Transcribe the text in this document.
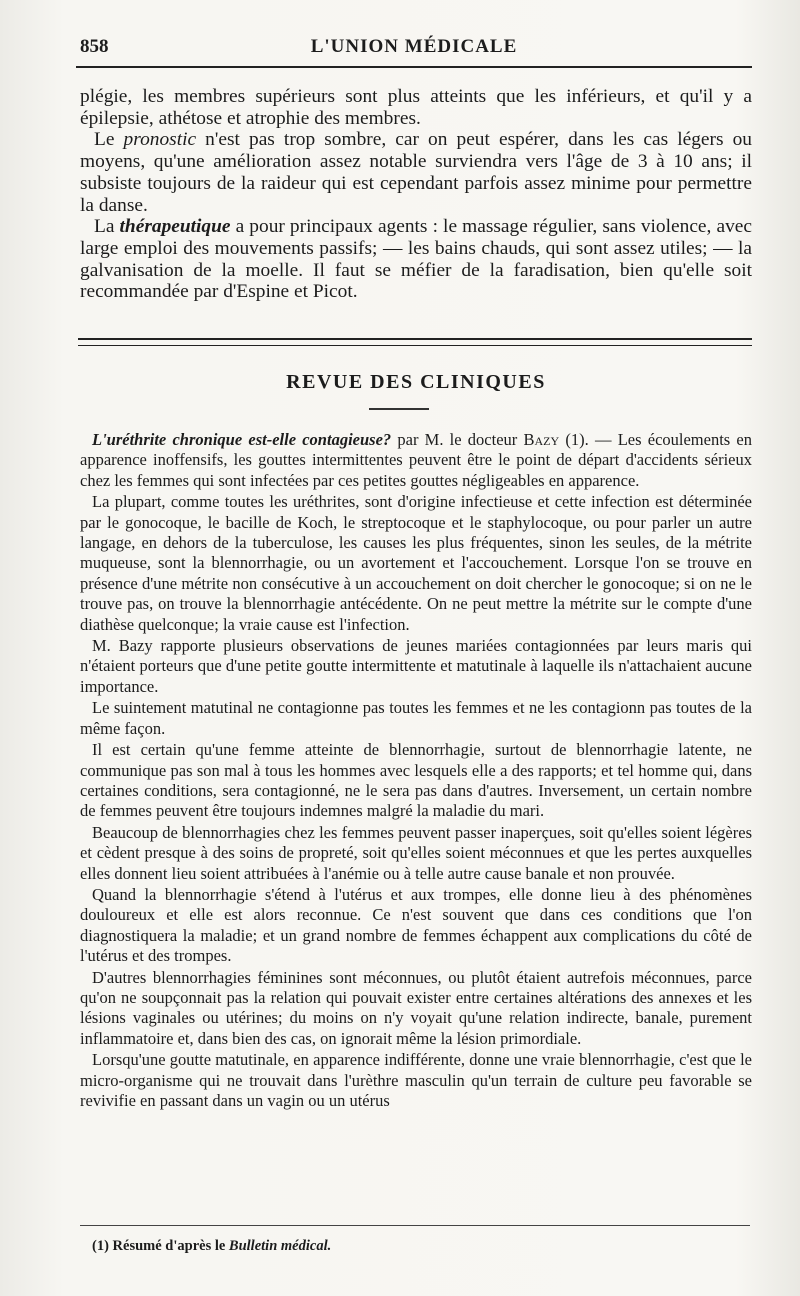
858	L'UNION MÉDICALE

plégie, les membres supérieurs sont plus atteints que les inférieurs, et qu'il y a épilepsie, athétose et atrophie des membres.

Le pronostic n'est pas trop sombre, car on peut espérer, dans les cas légers ou moyens, qu'une amélioration assez notable surviendra vers l'âge de 3 à 10 ans; il subsiste toujours de la raideur qui est cependant parfois assez minime pour permettre la danse.

La thérapeutique a pour principaux agents : le massage régulier, sans violence, avec large emploi des mouvements passifs; — les bains chauds, qui sont assez utiles; — la galvanisation de la moelle. Il faut se méfier de la faradisation, bien qu'elle soit recommandée par d'Espine et Picot.

REVUE DES CLINIQUES

L'uréthrite chronique est-elle contagieuse? par M. le docteur Bazy (1). — Les écoulements en apparence inoffensifs, les gouttes intermittentes peuvent être le point de départ d'accidents sérieux chez les femmes qui sont infectées par ces petites gouttes négligeables en apparence.

La plupart, comme toutes les uréthrites, sont d'origine infectieuse et cette infection est déterminée par le gonocoque, le bacille de Koch, le streptocoque et le staphylocoque, ou pour parler un autre langage, en dehors de la tuberculose, les causes les plus fréquentes, sinon les seules, de la métrite muqueuse, sont la blennorrhagie, ou un avortement et l'accouchement. Lorsque l'on se trouve en présence d'une métrite non consécutive à un accouchement on doit chercher le gonocoque; si on ne le trouve pas, on trouve la blennorrhagie antécédente. On ne peut mettre la métrite sur le compte d'une diathèse quelconque; la vraie cause est l'infection.

M. Bazy rapporte plusieurs observations de jeunes mariées contagionnées par leurs maris qui n'étaient porteurs que d'une petite goutte intermittente et matutinale à laquelle ils n'attachaient aucune importance.

Le suintement matutinal ne contagionne pas toutes les femmes et ne les contagionn pas toutes de la même façon.

Il est certain qu'une femme atteinte de blennorrhagie, surtout de blennorrhagie latente, ne communique pas son mal à tous les hommes avec lesquels elle a des rapports; et tel homme qui, dans certaines conditions, sera contagionné, ne le sera pas dans d'autres. Inversement, un certain nombre de femmes peuvent être toujours indemnes malgré la maladie du mari.

Beaucoup de blennorrhagies chez les femmes peuvent passer inaperçues, soit qu'elles soient légères et cèdent presque à des soins de propreté, soit qu'elles soient méconnues et que les pertes auxquelles elles donnent lieu soient attribuées à l'anémie ou à telle autre cause banale et non prouvée.

Quand la blennorrhagie s'étend à l'utérus et aux trompes, elle donne lieu à des phénomènes douloureux et elle est alors reconnue. Ce n'est souvent que dans ces conditions que l'on diagnostiquera la maladie; et un grand nombre de femmes échappent aux complications du côté de l'utérus et des trompes.

D'autres blennorrhagies féminines sont méconnues, ou plutôt étaient autrefois méconnues, parce qu'on ne soupçonnait pas la relation qui pouvait exister entre certaines altérations des annexes et les lésions vaginales ou utérines; du moins on n'y voyait qu'une relation indirecte, banale, purement inflammatoire et, dans bien des cas, on ignorait même la lésion primordiale.

Lorsqu'une goutte matutinale, en apparence indifférente, donne une vraie blennorrhagie, c'est que le micro-organisme qui ne trouvait dans l'urèthre masculin qu'un terrain de culture peu favorable se revivifie en passant dans un vagin ou un utérus

(1) Résumé d'après le Bulletin médical.
